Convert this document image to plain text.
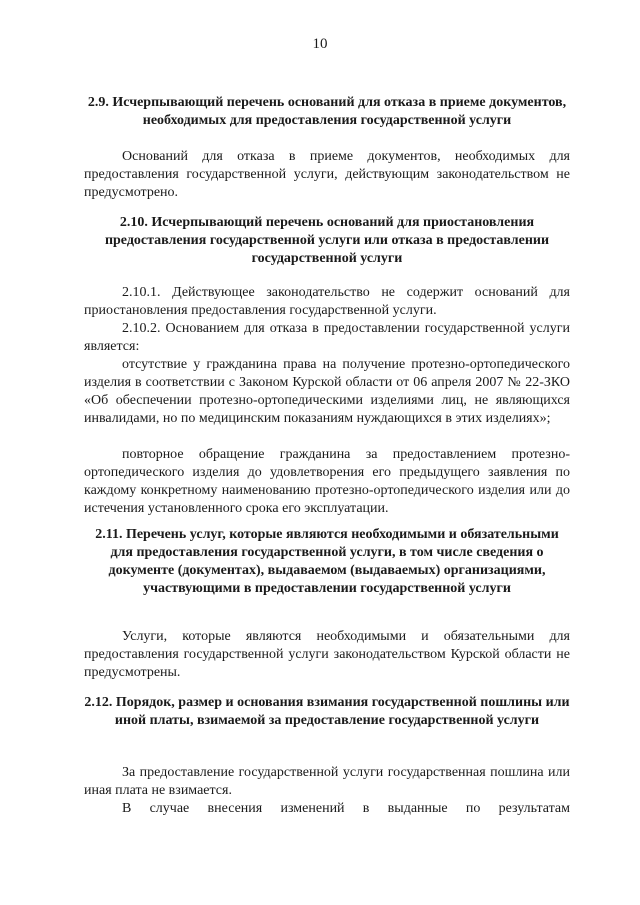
10
2.9. Исчерпывающий перечень оснований для отказа в приеме документов, необходимых для предоставления государственной услуги
Оснований для отказа в приеме документов, необходимых для предоставления государственной услуги, действующим законодательством не предусмотрено.
2.10. Исчерпывающий перечень оснований для приостановления предоставления государственной услуги или отказа в предоставлении государственной услуги
2.10.1. Действующее законодательство не содержит оснований для приостановления предоставления государственной услуги.
2.10.2. Основанием для отказа в предоставлении государственной услуги является:
отсутствие у гражданина права на получение протезно-ортопедического изделия в соответствии с Законом Курской области от 06 апреля 2007 № 22-ЗКО «Об обеспечении протезно-ортопедическими изделиями лиц, не являющихся инвалидами, но по медицинским показаниям нуждающихся в этих изделиях»;
повторное обращение гражданина за предоставлением протезно-ортопедического изделия до удовлетворения его предыдущего заявления по каждому конкретному наименованию протезно-ортопедического изделия или до истечения установленного срока его эксплуатации.
2.11. Перечень услуг, которые являются необходимыми и обязательными для предоставления государственной услуги, в том числе сведения о документе (документах), выдаваемом (выдаваемых) организациями, участвующими в предоставлении государственной услуги
Услуги, которые являются необходимыми и обязательными для предоставления государственной услуги законодательством Курской области не предусмотрены.
2.12. Порядок, размер и основания взимания государственной пошлины или иной платы, взимаемой за предоставление государственной услуги
За предоставление государственной услуги государственная пошлина или иная плата не взимается.
В случае внесения изменений в выданные по результатам
